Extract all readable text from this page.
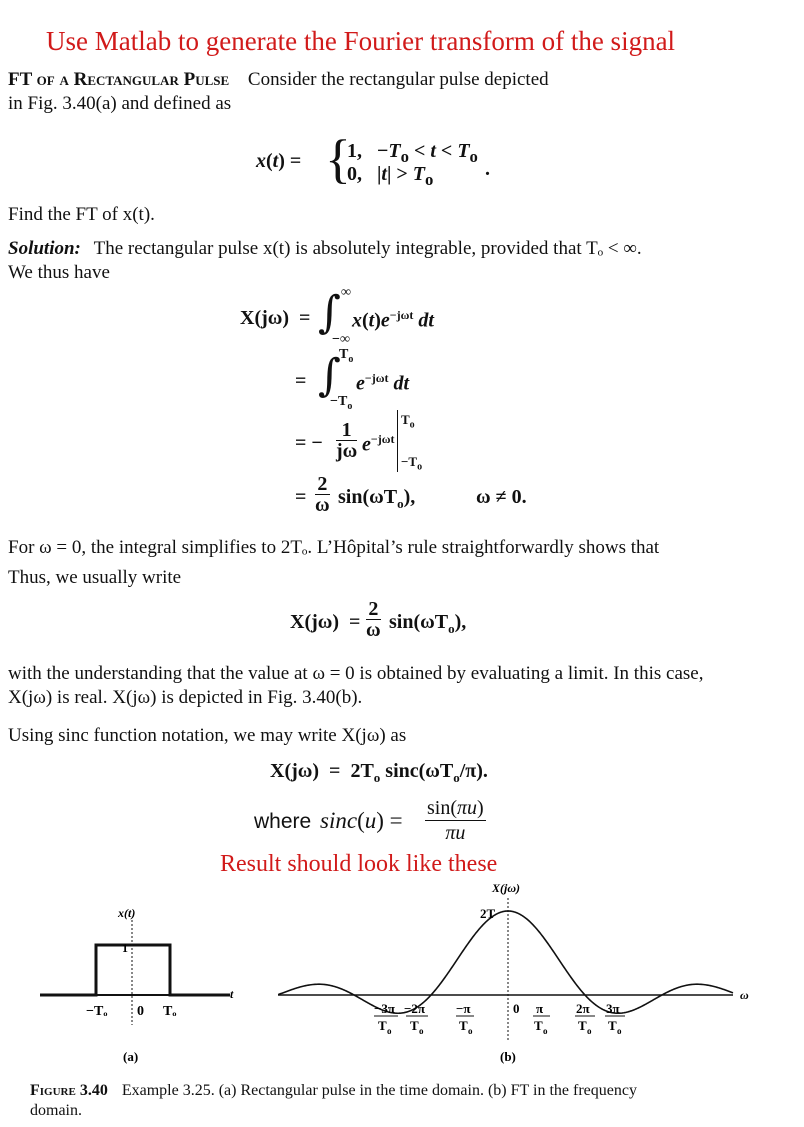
Use Matlab to generate the Fourier transform of the signal
FT of a Rectangular Pulse Consider the rectangular pulse depicted
in Fig. 3.40(a) and defined as
x(t) = {
1,   $-T_o < t < T_o$
0,   $|t| > T_o$	.
Find the FT of x(t).
Solution: The rectangular pulse x(t) is absolutely integrable, provided that Tₒ < ∞.
We thus have
X(jω)  = ∫ ∞
−∞
$x(t)e^{-j\omega t}$ dt
= ∫
$T_o$
$-T_o$
$e^{-j\omega t}$ dt
= − $\frac{1}{j\omega} e^{-j\omega t}$
$T_o$
$-T_o$
= $\frac{2}{\omega} \sin(\omega T_o)$,	ω ≠ 0.
For ω = 0, the integral simplifies to 2Tₒ. L’Hôpital’s rule straightforwardly shows that
Thus, we usually write
$X(j\omega) = \frac{2}{\omega} \sin(\omega T_o)$,
with the understanding that the value at ω = 0 is obtained by evaluating a limit. In this case,
X(jω) is real. X(jω) is depicted in Fig. 3.40(b).
Using sinc function notation, we may write X(jω) as
$X(j\omega) = 2T_o$ $\sin c(\omega T_o/\pi)$.
where $\sin c(u) = \frac{\sin(\pi u)}{\pi u}$
Result should look like these
x(t)
t
1
−Tₒ 0 Tₒ
(a)
X(jω)
2T
ω
−3π
T o
−2π
T o
−π
T o
0 π
T o
2π
T o
3π
T o
(b)
Figure 3.40 Example 3.25. (a) Rectangular pulse in the time domain. (b) FT in the frequency
domain.
